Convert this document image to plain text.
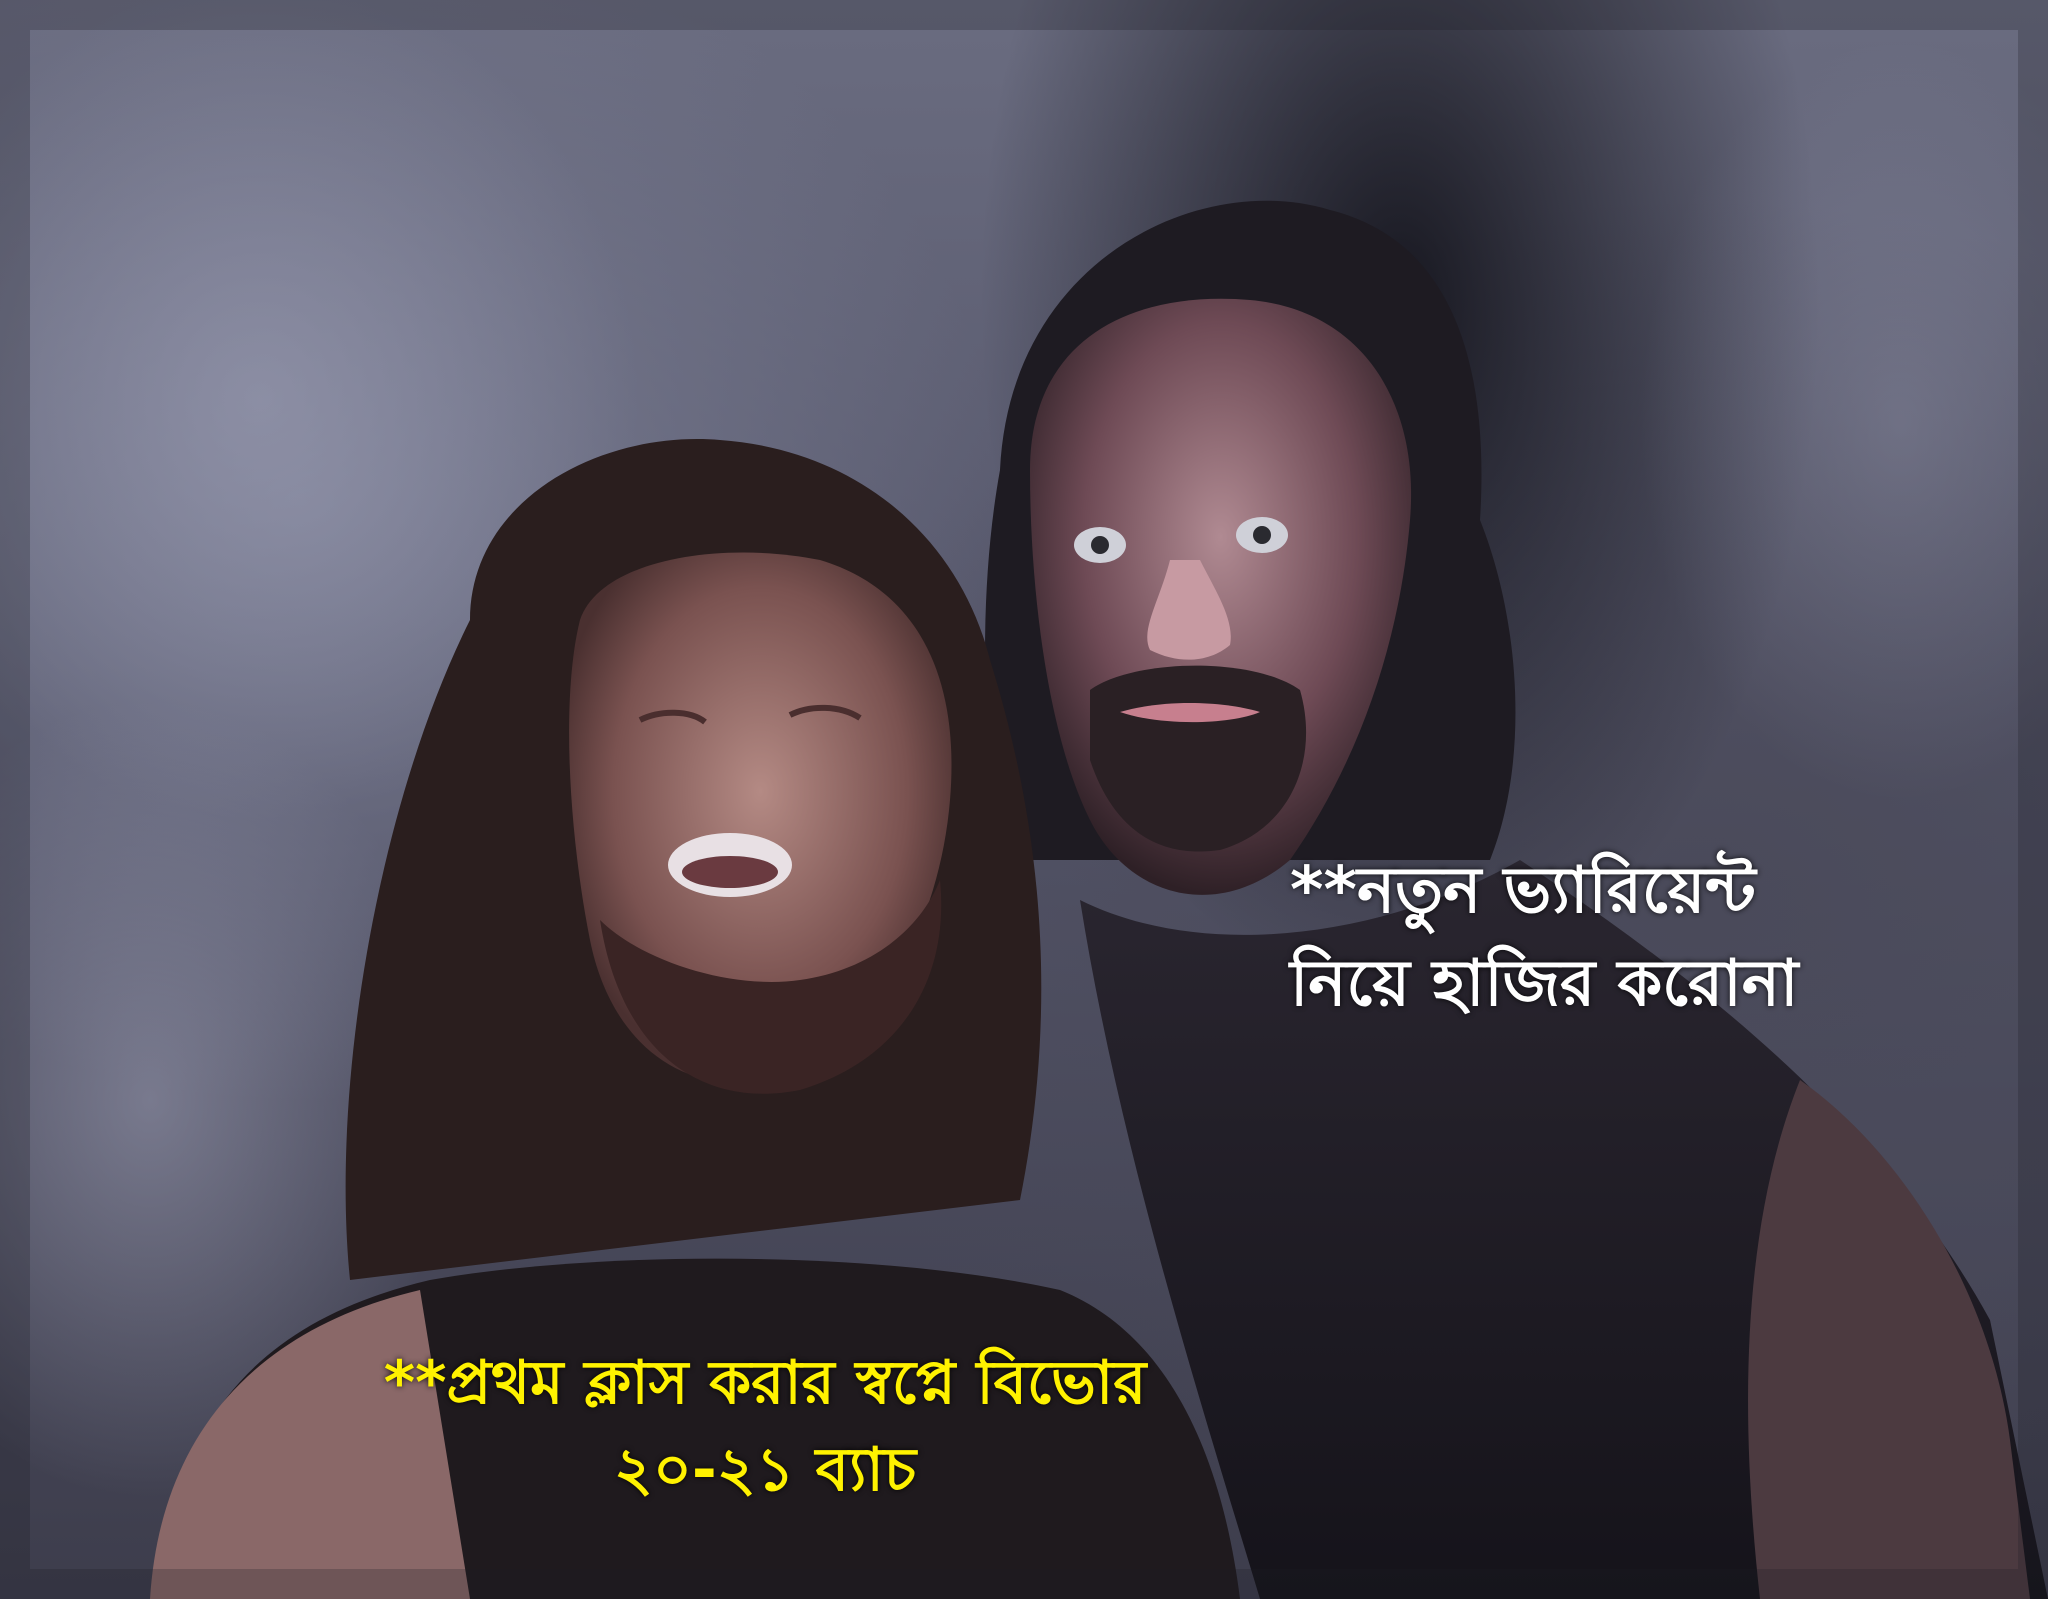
**নতুন ভ্যারিয়েন্ট
নিয়ে হাজির করোনা
**প্রথম ক্লাস করার স্বপ্নে বিভোর
২০-২১ ব্যাচ
